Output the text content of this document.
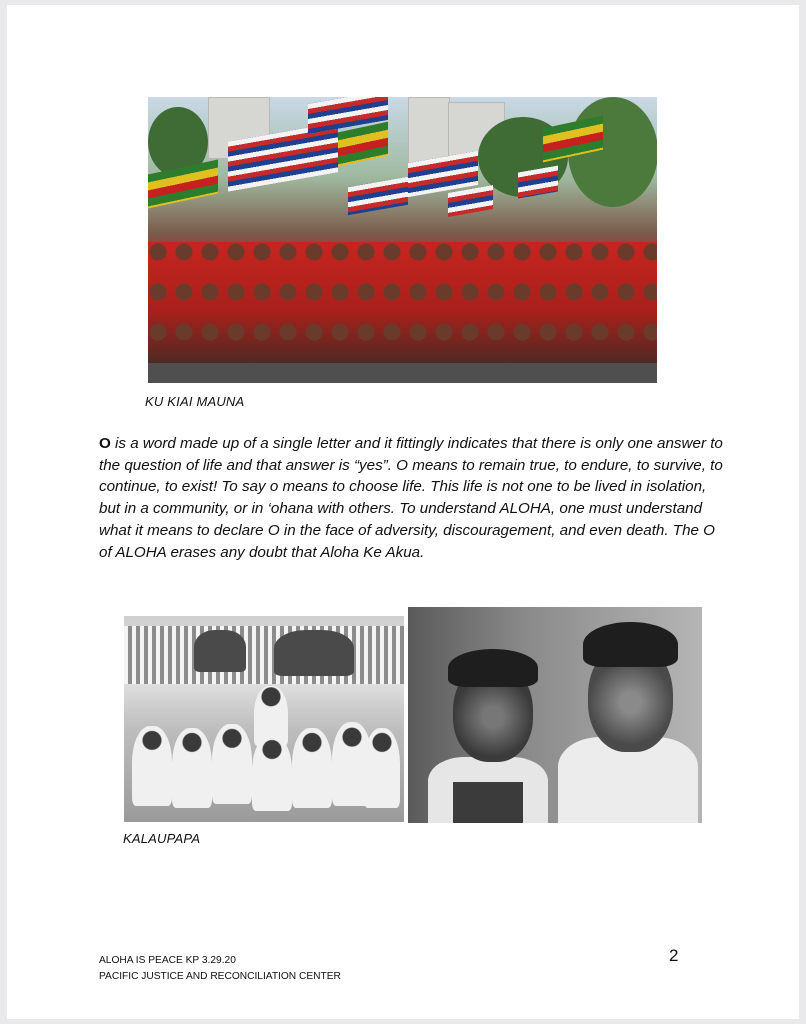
KU KIAI MAUNA

O is a word made up of a single letter and it fittingly indicates that there is only one answer to the question of life and that answer is “yes”. O means to remain true, to endure, to survive, to continue, to exist! To say o means to choose life. This life is not one to be lived in isolation, but in a community, or in ‘ohana with others. To understand ALOHA, one must understand what it means to declare O in the face of adversity, discouragement, and even death. The O of ALOHA erases any doubt that Aloha Ke Akua.

KALAUPAPA
ALOHA IS PEACE KP 3.29.20
PACIFIC JUSTICE AND RECONCILIATION CENTER
2
